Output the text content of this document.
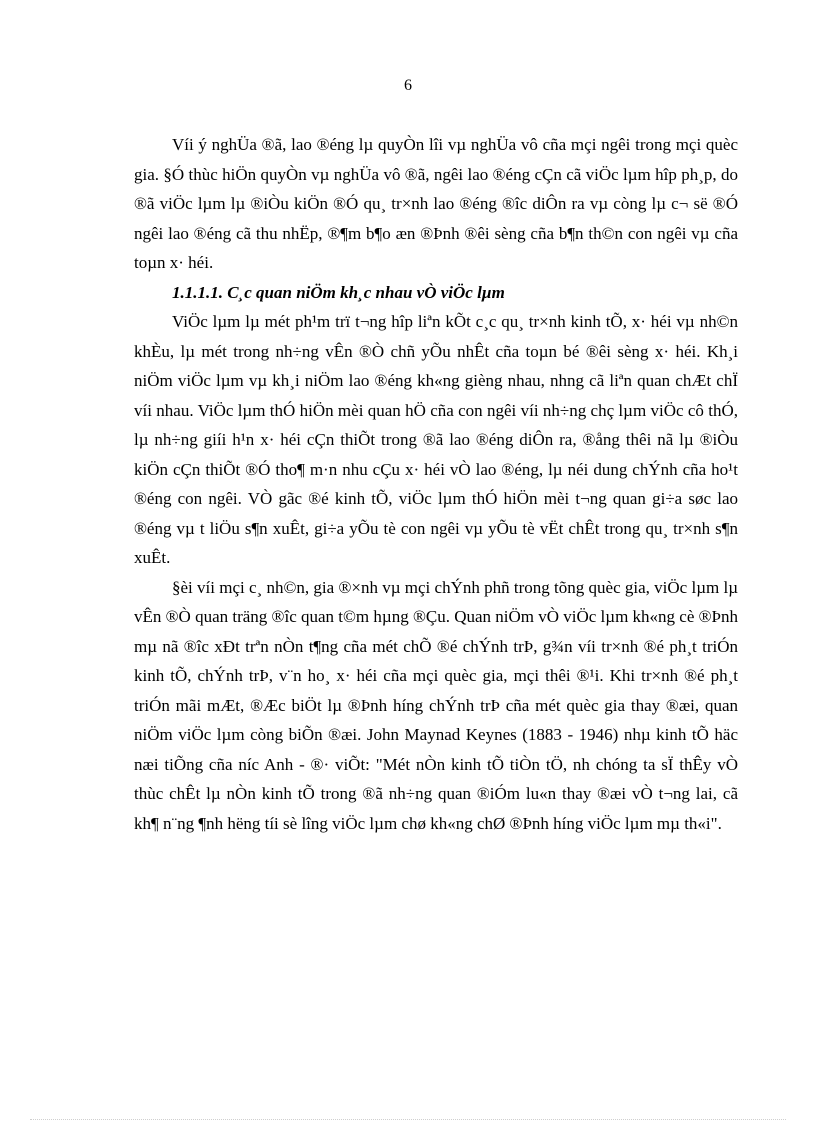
6

Víi ý nghÜa ®ã, lao ®éng lµ quyÒn lîi vµ nghÜa vô cña mçi ngêi trong mçi quèc gia. §Ó thùc hiÖn quyÒn vµ nghÜa vô ®ã, ngêi lao ®éng cÇn cã viÖc lµm hîp ph¸p, do ®ã viÖc lµm lµ ®iÒu kiÖn ®Ó qu¸ tr×nh lao ®éng ®îc diÔn ra vµ còng lµ c¬ së ®Ó ngêi lao ®éng cã thu nhËp, ®¶m b¶o æn ®Þnh ®êi sèng cña b¶n th©n con ngêi vµ cña toµn x· héi.

1.1.1.1. C¸c quan niÖm kh¸c nhau vÒ viÖc lµm

ViÖc lµm lµ mét ph¹m trï t¬ng hîp liªn kÕt c¸c qu¸ tr×nh kinh tÕ, x· héi vµ nh©n khÈu, lµ mét trong nh÷ng vÊn ®Ò chñ yÕu nhÊt cña toµn bé ®êi sèng x· héi. Kh¸i niÖm viÖc lµm vµ kh¸i niÖm lao ®éng kh«ng gièng nhau, nhng cã liªn quan chÆt chÏ víi nhau. ViÖc lµm thÓ hiÖn mèi quan hÖ cña con ngêi víi nh÷ng chç lµm viÖc cô thÓ, lµ nh÷ng giíi h¹n x· héi cÇn thiÕt trong ®ã lao ®éng diÔn ra, ®ång thêi nã lµ ®iÒu kiÖn cÇn thiÕt ®Ó tho¶ m·n nhu cÇu x· héi vÒ lao ®éng, lµ néi dung chÝnh cña ho¹t ®éng con ngêi. VÒ gãc ®é kinh tÕ, viÖc lµm thÓ hiÖn mèi t¬ng quan gi÷a søc lao ®éng vµ t liÖu s¶n xuÊt, gi÷a yÕu tè con ngêi vµ yÕu tè vËt chÊt trong qu¸ tr×nh s¶n xuÊt.

§èi víi mçi c¸ nh©n, gia ®×nh vµ mçi chÝnh phñ trong tõng quèc gia, viÖc lµm lµ vÊn ®Ò quan träng ®îc quan t©m hµng ®Çu. Quan niÖm vÒ viÖc lµm kh«ng cè ®Þnh mµ nã ®îc xÐt trªn nÒn t¶ng cña mét chÕ ®é chÝnh trÞ, g¾n víi tr×nh ®é ph¸t triÓn kinh tÕ, chÝnh trÞ, v¨n ho¸ x· héi cña mçi quèc gia, mçi thêi ®¹i. Khi tr×nh ®é ph¸t triÓn mãi mÆt, ®Æc biÖt lµ ®Þnh híng chÝnh trÞ cña mét quèc gia thay ®æi, quan niÖm viÖc lµm còng biÕn ®æi. John Maynad Keynes (1883 - 1946) nhµ kinh tÕ häc næi tiÕng cña níc Anh - ®· viÕt: "Mét nÒn kinh tÕ tiÒn tÖ, nh chóng ta sÏ thÊy vÒ thùc chÊt lµ nÒn kinh tÕ trong ®ã nh÷ng quan ®iÓm lu«n thay ®æi vÒ t¬ng lai, cã kh¶ n¨ng ¶nh hëng tíi sè lîng viÖc lµm chø kh«ng chØ ®Þnh híng viÖc lµm mµ th«i".
